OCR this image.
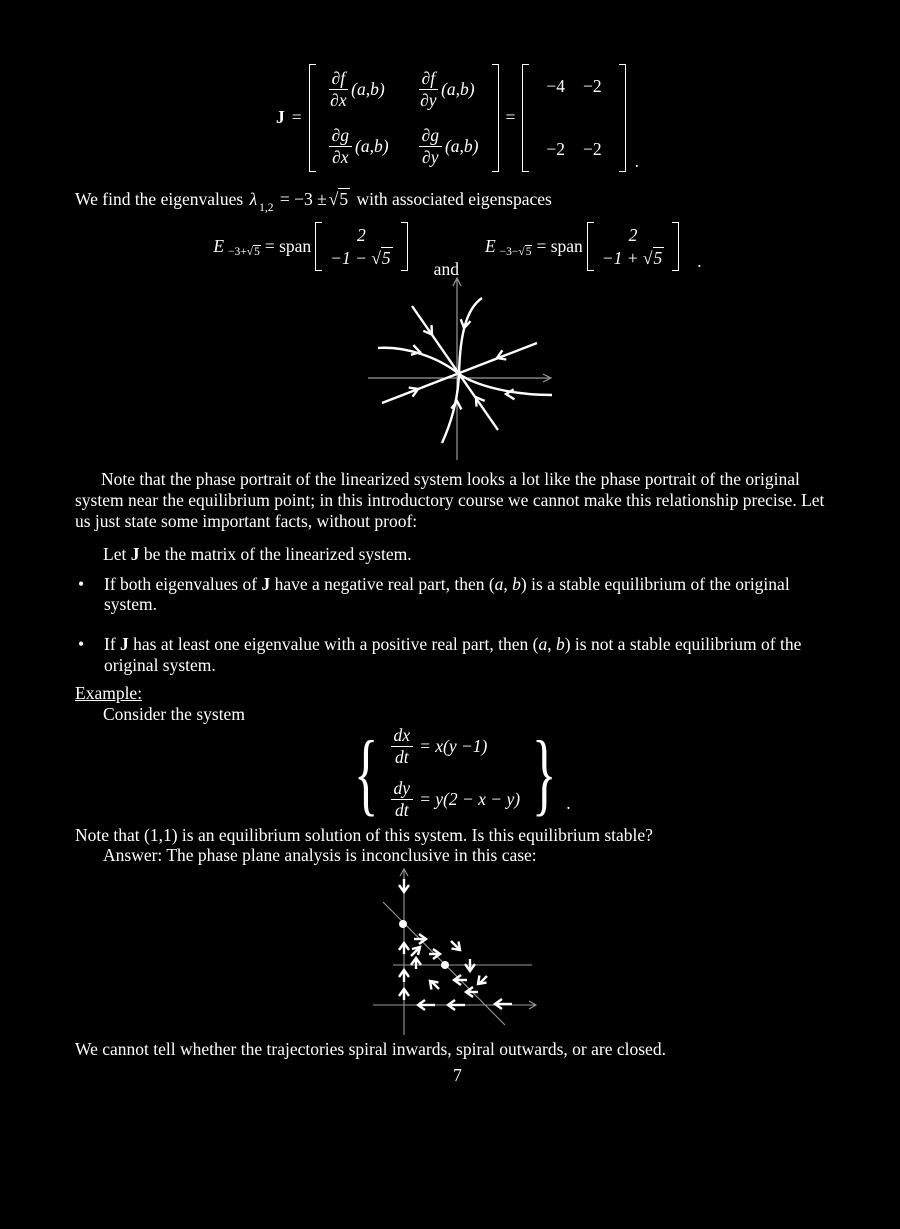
J =
$\frac{\partial f}{\partial x} (a,b) \frac{\partial f}{\partial y} (a,b)$
$\frac{\partial g}{\partial x} (a,b) \frac{\partial g}{\partial y} (a,b)$
=
−4 −2
−2 −2
.
We find the eigenvalues λ $_{1,2}$ = −3 ± √5 with associated eigenspaces
E −3+√5 = span
2
−1 − √5
and
E −3−√5 = span
2
−1 + √5 .
Note that the phase portrait of the linearized system looks a lot like the phase portrait of the original system near the equilibrium point; in this introductory course we cannot make this relationship precise. Let us just state some important facts, without proof:
Let J be the matrix of the linearized system.
•	If both eigenvalues of J have a negative real part, then (a, b) is a stable equilibrium of the original system.
•	If J has at least one eigenvalue with a positive real part, then (a, b) is not a stable equilibrium of the original system.
Example:
Consider the system
{ $\frac{dx}{dt} = x(y -1)$
$\frac{dy}{dt} = y(2 - x - y)$ } .
Note that (1,1) is an equilibrium solution of this system. Is this equilibrium stable?
Answer: The phase plane analysis is inconclusive in this case:
We cannot tell whether the trajectories spiral inwards, spiral outwards, or are closed.
7
